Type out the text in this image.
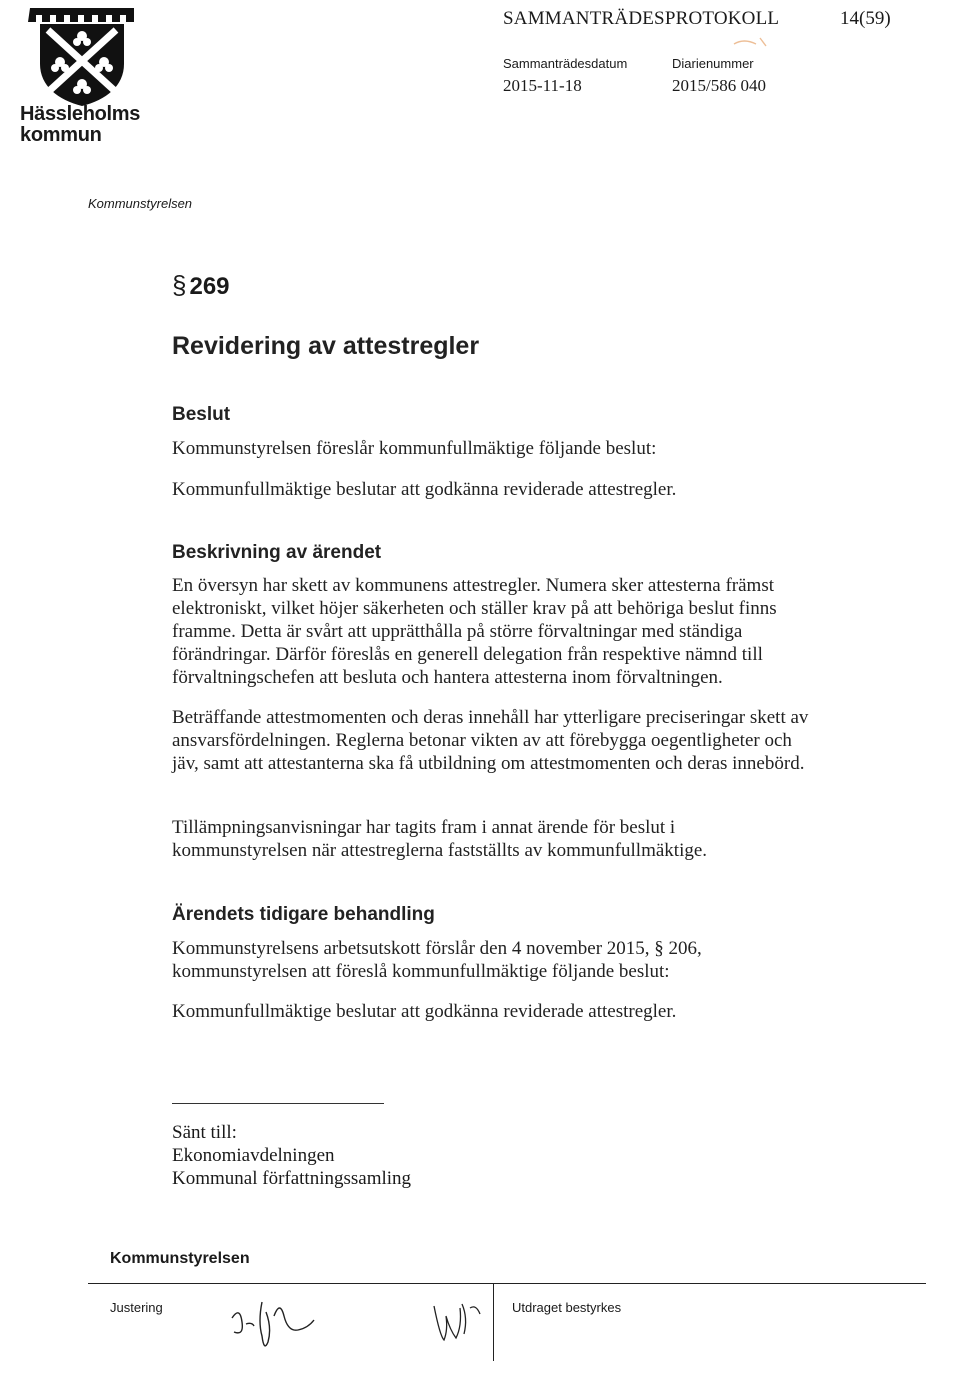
Hässleholms
kommun
SAMMANTRÄDESPROTOKOLL	14(59)
Sammanträdesdatum
2015-11-18
Diarienummer
2015/586 040
Kommunstyrelsen
§ 269
Revidering av attestregler
Beslut

Kommunstyrelsen föreslår kommunfullmäktige följande beslut:

Kommunfullmäktige beslutar att godkänna reviderade attestregler.

Beskrivning av ärendet

En översyn har skett av kommunens attestregler. Numera sker attesterna främst elektroniskt, vilket höjer säkerheten och ställer krav på att behöriga beslut finns framme. Detta är svårt att upprätthålla på större förvaltningar med ständiga förändringar. Därför föreslås en generell delegation från respektive nämnd till förvaltningschefen att besluta och hantera attesterna inom förvaltningen.

Beträffande attestmomenten och deras innehåll har ytterligare preciseringar skett av ansvarsfördelningen. Reglerna betonar vikten av att förebygga oegentligheter och jäv, samt att attestanterna ska få utbildning om attestmomenten och deras innebörd.

Tillämpningsanvisningar har tagits fram i annat ärende för beslut i kommunstyrelsen när attestreglerna fastställts av kommunfullmäktige.

Ärendets tidigare behandling

Kommunstyrelsens arbetsutskott förslår den 4 november 2015, § 206, kommunstyrelsen att föreslå kommunfullmäktige följande beslut:

Kommunfullmäktige beslutar att godkänna reviderade attestregler.

Sänt till:
Ekonomiavdelningen
Kommunal författningssamling
Kommunstyrelsen
Justering	Utdraget bestyrkes
